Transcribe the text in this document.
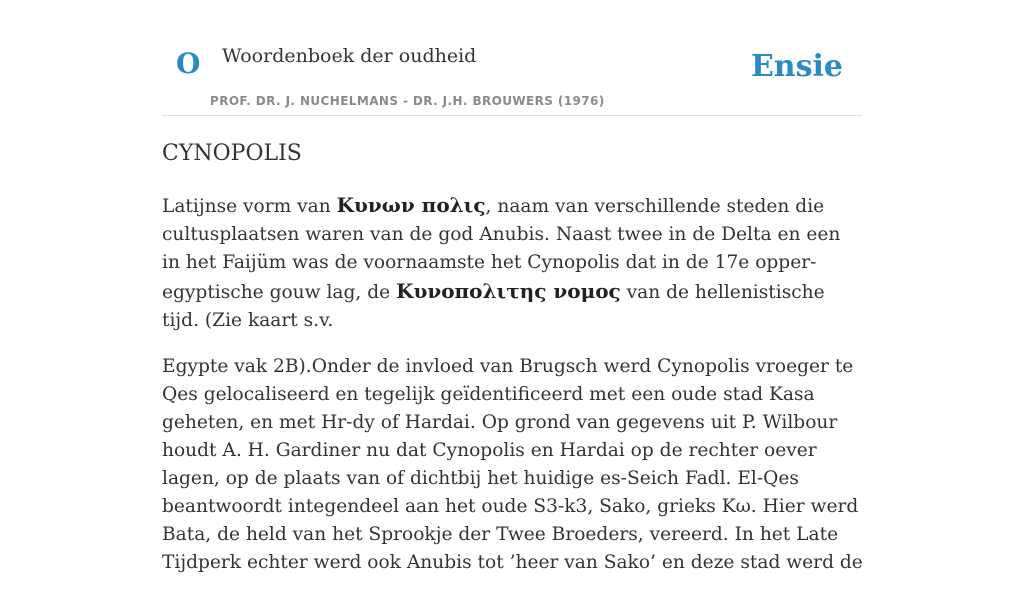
O Woordenboek der oudheid
PROF. DR. J. NUCHELMANS - DR. J.H. BROUWERS (1976)
Ensie
CYNOPOLIS

Latijnse vorm van Κυνων πολις, naam van verschillende steden die cultusplaatsen waren van de god Anubis. Naast twee in de Delta en een in het Faijüm was de voornaamste het Cynopolis dat in de 17e opper-egyptische gouw lag, de Κυνοπολιτης νομος van de hellenistische tijd. (Zie kaart s.v.

Egypte vak 2B).Onder de invloed van Brugsch werd Cynopolis vroeger te Qes gelocaliseerd en tegelijk geïdentificeerd met een oude stad Kasa geheten, en met Hr-dy of Hardai. Op grond van gegevens uit P. Wilbour houdt A. H. Gardiner nu dat Cynopolis en Hardai op de rechter oever lagen, op de plaats van of dichtbij het huidige es-Seich Fadl. El-Qes beantwoordt integendeel aan het oude S3-k3, Sako, grieks Kω. Hier werd Bata, de held van het Sprookje der Twee Broeders, vereerd. In het Late Tijdperk echter werd ook Anubis tot ’heer van Sako’ en deze stad werd de
